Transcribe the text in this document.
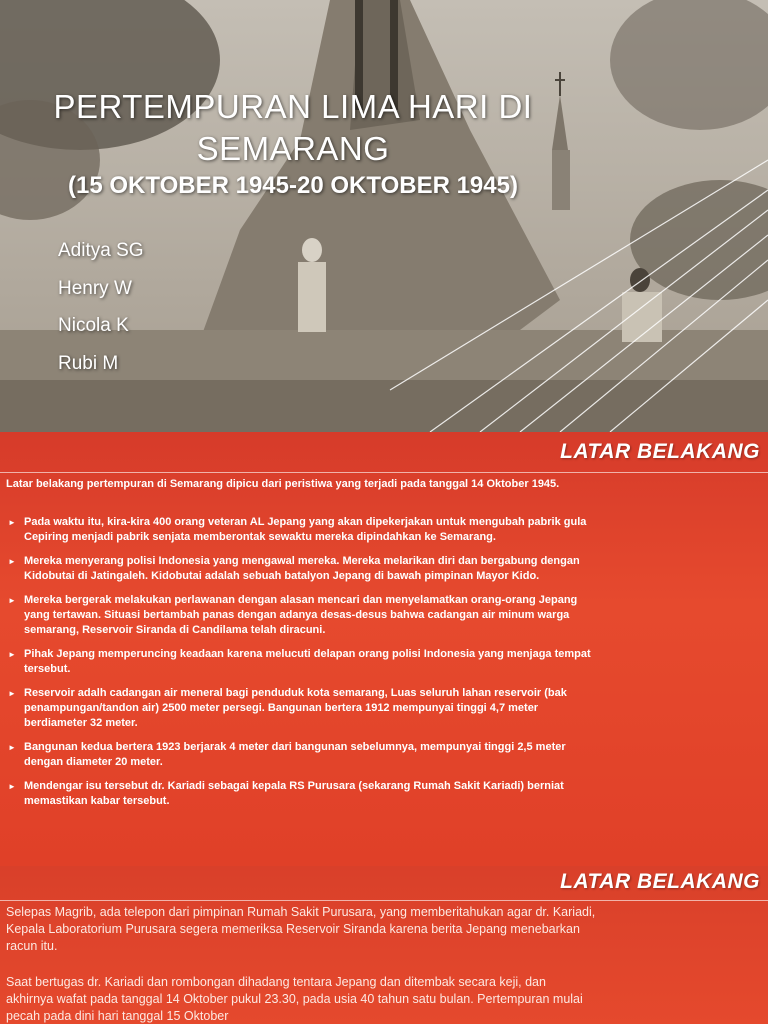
PERTEMPURAN LIMA HARI DI
SEMARANG

(15 OKTOBER 1945-20 OKTOBER 1945)

Aditya SG
Henry W
Nicola K
Rubi M
LATAR BELAKANG

Latar belakang pertempuran di Semarang dipicu dari peristiwa yang terjadi pada tanggal 14 Oktober 1945.

► Pada waktu itu, kira-kira 400 orang veteran AL Jepang yang akan dipekerjakan untuk mengubah pabrik gula Cepiring menjadi pabrik senjata memberontak sewaktu mereka dipindahkan ke Semarang.
► Mereka menyerang polisi Indonesia yang mengawal mereka. Mereka melarikan diri dan bergabung dengan Kidobutai di Jatingaleh. Kidobutai adalah sebuah batalyon Jepang di bawah pimpinan Mayor Kido.
► Mereka bergerak melakukan perlawanan dengan alasan mencari dan menyelamatkan orang-orang Jepang yang tertawan. Situasi bertambah panas dengan adanya desas-desus bahwa cadangan air minum warga semarang, Reservoir Siranda di Candilama telah diracuni.
► Pihak Jepang memperuncing keadaan karena melucuti delapan orang polisi Indonesia yang menjaga tempat tersebut.
► Reservoir adalh cadangan air meneral bagi penduduk kota semarang, Luas seluruh lahan reservoir (bak penampungan/tandon air) 2500 meter persegi. Bangunan bertera 1912 mempunyai tinggi 4,7 meter berdiameter 32 meter.
► Bangunan kedua bertera 1923 berjarak 4 meter dari bangunan sebelumnya, mempunyai tinggi 2,5 meter dengan diameter 20 meter.
► Mendengar isu tersebut dr. Kariadi sebagai kepala RS Purusara (sekarang Rumah Sakit Kariadi) berniat memastikan kabar tersebut.
LATAR BELAKANG

Selepas Magrib, ada telepon dari pimpinan Rumah Sakit Purusara, yang memberitahukan agar dr. Kariadi, Kepala Laboratorium Purusara segera memeriksa Reservoir Siranda karena berita Jepang menebarkan racun itu.

Saat bertugas dr. Kariadi dan rombongan dihadang tentara Jepang dan ditembak secara keji, dan akhirnya wafat pada tanggal 14 Oktober pukul 23.30, pada usia 40 tahun satu bulan. Pertempuran mulai pecah pada dini hari tanggal 15 Oktober
